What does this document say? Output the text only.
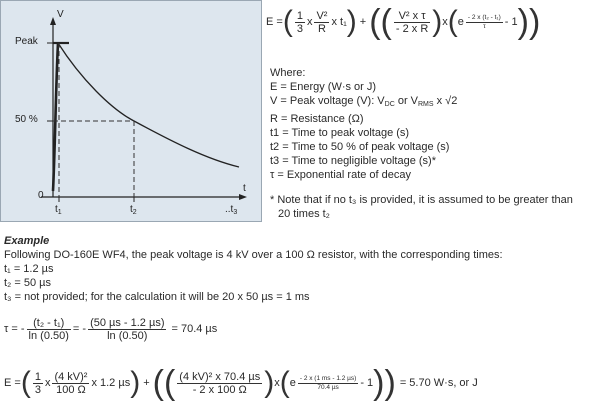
V
t
Peak
50 %
0
$t_1$	$t_2$	$..t_3$
E = ( $\frac{1}{3}$ x $\frac{\text{V²}}{R}$ x t₁ ) + (( $\frac{\text{V² x τ}}{\text{- 2 x R}}$ ) x ( e $\frac{\text{- 2 x (t₂ - t₁)}}{\tau} - 1$ ))
Where:
E = Energy (W·s or J)
V = Peak voltage (V): $V_{DC}$ or $V_{RMS}$ x √2
R = Resistance (Ω)
t1 = Time to peak voltage (s)
t2 = Time to 50 % of peak voltage (s)
t3 = Time to negligible voltage (s)*
τ = Exponential rate of decay
* Note that if no t₃ is provided, it is assumed to be greater than
20 times t₂
Example
Following DO-160E WF4, the peak voltage is 4 kV over a 100 Ω resistor, with the corresponding times:
t₁ = 1.2 µs
t₂ = 50 µs
t₃ = not provided; for the calculation it will be 20 x 50 µs = 1 ms
τ = - $\frac{\text{(t₂ - t₁)}}{\ln (0.50)}$ = - $\frac{\text{(50 µs - 1.2 µs)}}{\ln (0.50)} = 70.4$ µs
E = ( $\frac{1}{3}$ x $\frac{\text{(4 kV)²}}{100 \Omega}$ x 1.2 µs ) + (( $\frac{\text{(4 kV)² x 70.4 µs}}{- 2 x 100 \Omega}$ ) x ( e $\frac{\text{- 2 x (1 ms - 1.2 µs)}}{\text{70.4 µs}} - 1$ )) = 5.70 W·s, or J
